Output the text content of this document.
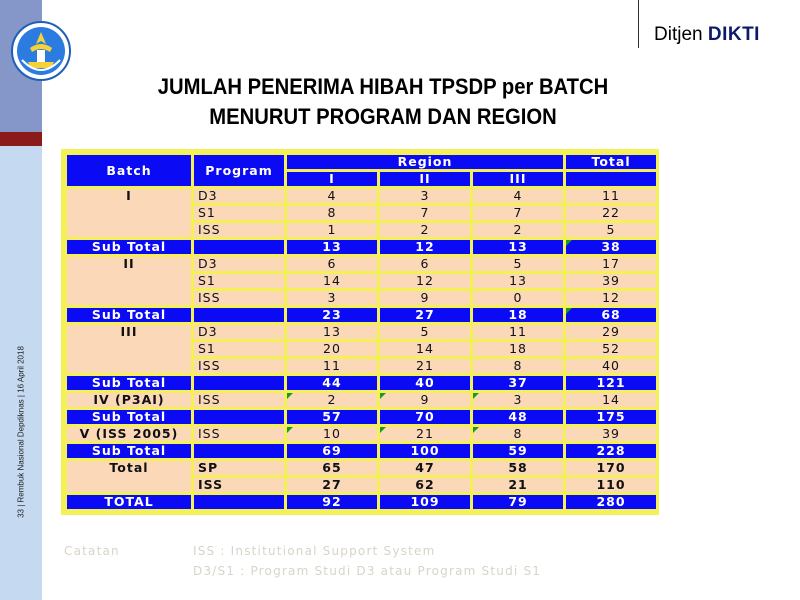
33 | Rembuk Nasional Depdiknas | 16 April 2018
Ditjen DIKTI
JUMLAH PENERIMA HIBAH TPSDP per BATCH
MENURUT PROGRAM DAN REGION
Batch	Program	Region			Total
		I	II	III	
I	D3	4	3	4	11
	S1	8	7	7	22
	ISS	1	2	2	5
Sub Total		13	12	13	38
II	D3	6	6	5	17
	S1	14	12	13	39
	ISS	3	9	0	12
Sub Total		23	27	18	68
III	D3	13	5	11	29
	S1	20	14	18	52
	ISS	11	21	8	40
Sub Total		44	40	37	121
IV (P3AI)	ISS	2	9	3	14
Sub Total		57	70	48	175
V (ISS 2005)	ISS	10	21	8	39
Sub Total		69	100	59	228
Total	SP	65	47	58	170
	ISS	27	62	21	110
TOTAL		92	109	79	280
Catatan	ISS : Institutional Support System
D3/S1 : Program Studi D3 atau Program Studi S1
